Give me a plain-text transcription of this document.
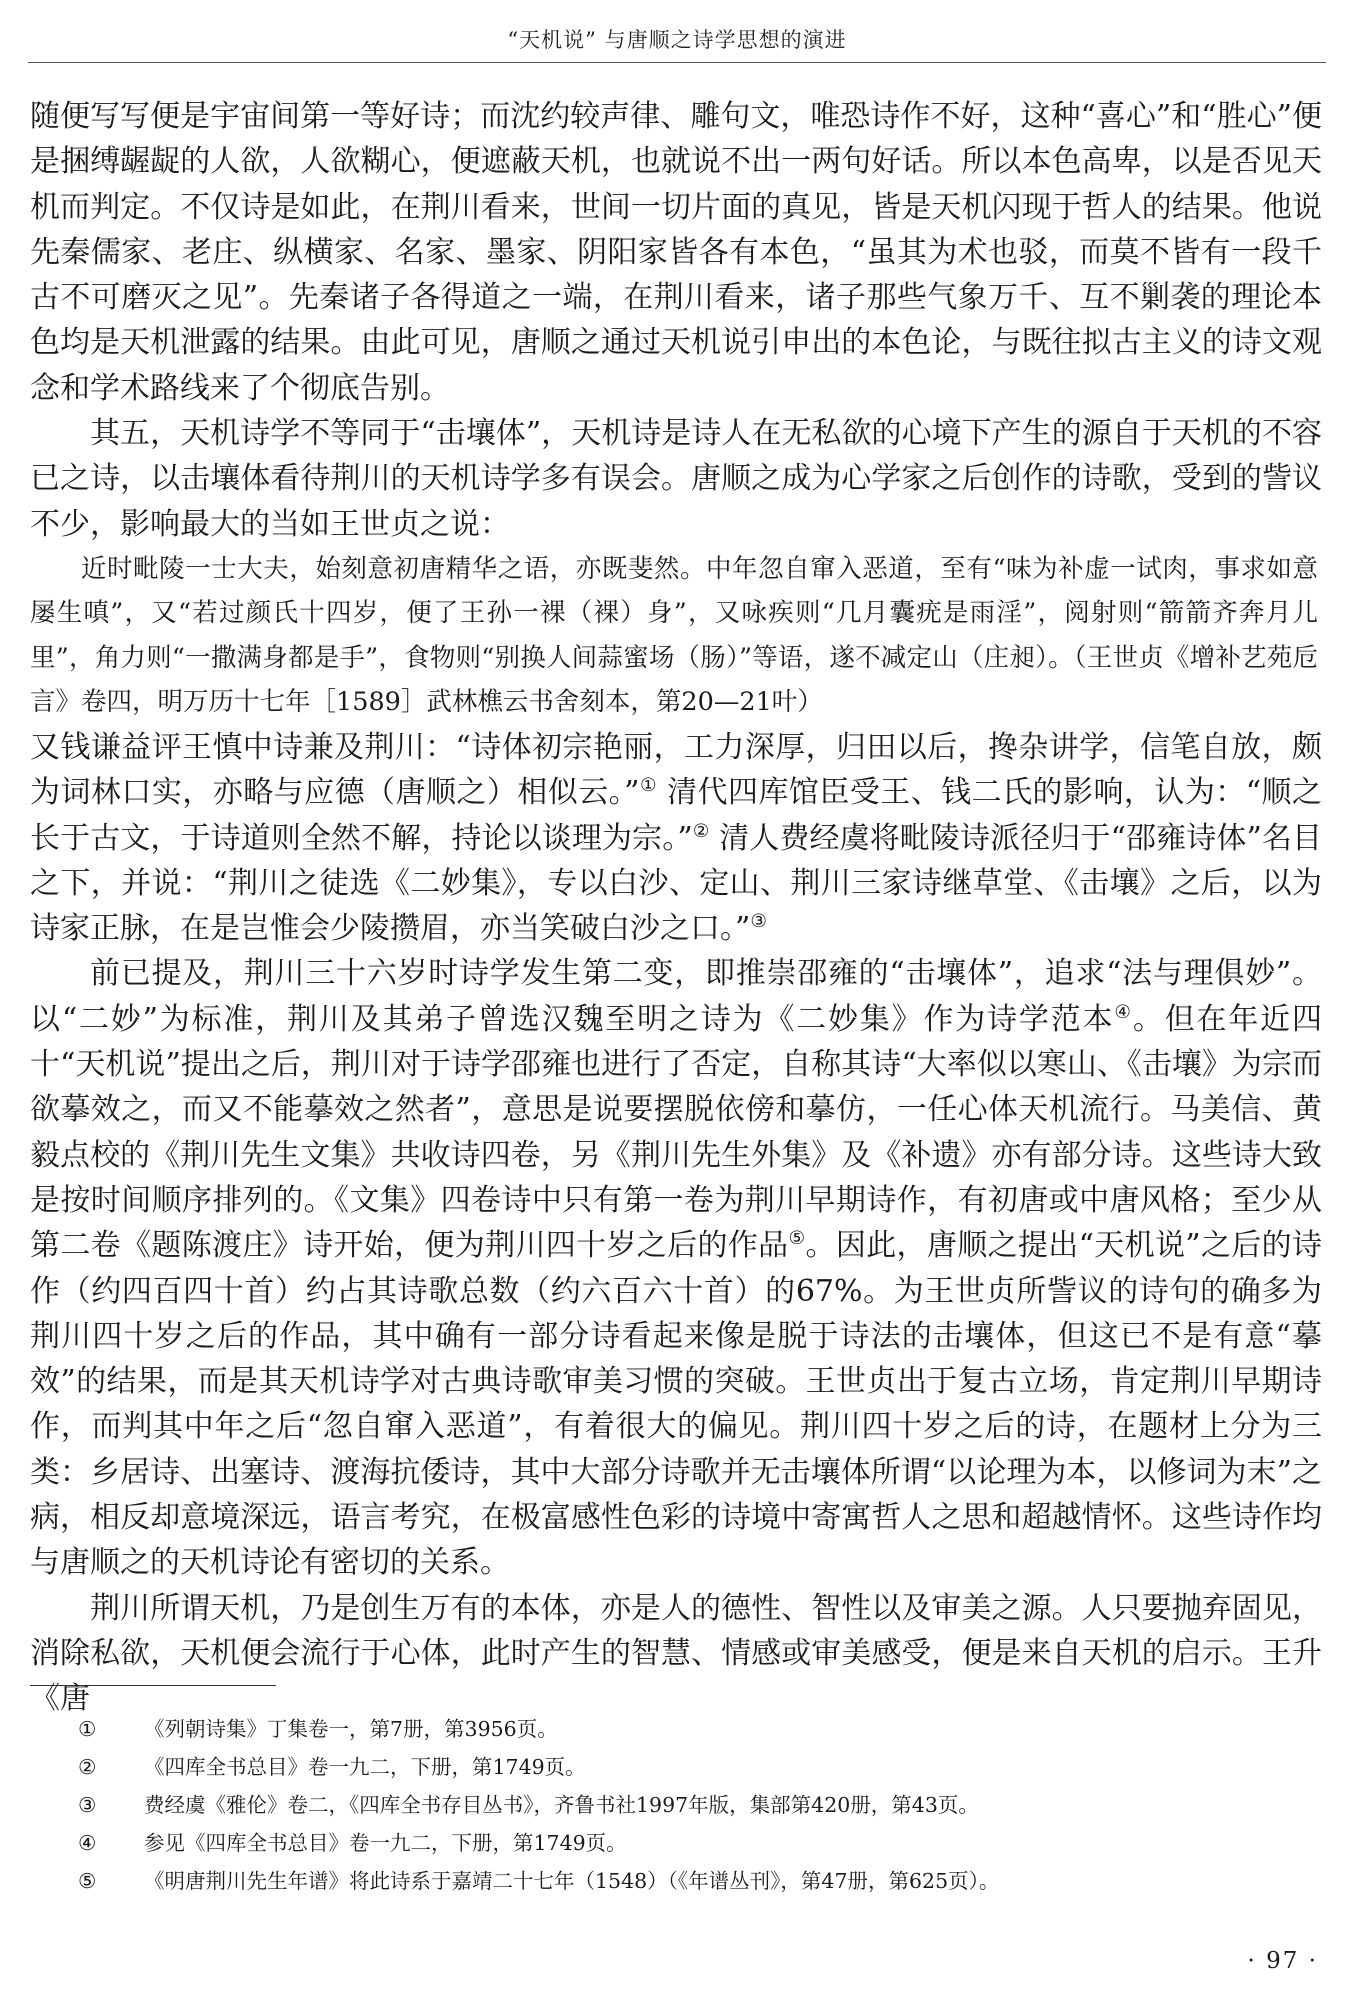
“天机说” 与唐顺之诗学思想的演进

随便写写便是宇宙间第一等好诗；而沈约较声律、雕句文，唯恐诗作不好，这种“喜心”和“胜心”便是捆缚龌龊的人欲，人欲糊心，便遮蔽天机，也就说不出一两句好话。所以本色高卑，以是否见天机而判定。不仅诗是如此，在荆川看来，世间一切片面的真见，皆是天机闪现于哲人的结果。他说先秦儒家、老庄、纵横家、名家、墨家、阴阳家皆各有本色，“虽其为术也驳，而莫不皆有一段千古不可磨灭之见”。先秦诸子各得道之一端，在荆川看来，诸子那些气象万千、互不剿袭的理论本色均是天机泄露的结果。由此可见，唐顺之通过天机说引申出的本色论，与既往拟古主义的诗文观念和学术路线来了个彻底告别。

其五，天机诗学不等同于“击壤体”，天机诗是诗人在无私欲的心境下产生的源自于天机的不容已之诗，以击壤体看待荆川的天机诗学多有误会。唐顺之成为心学家之后创作的诗歌，受到的訾议不少，影响最大的当如王世贞之说：

近时毗陵一士大夫，始刻意初唐精华之语，亦既斐然。中年忽自窜入恶道，至有“味为补虚一试肉，事求如意屡生嗔”，又“若过颜氏十四岁，便了王孙一裸（裸）身”，又咏疾则“几月囊疣是雨淫”，阅射则“箭箭齐奔月儿里”，角力则“一撒满身都是手”，食物则“别换人间蒜蜜场（肠）”等语，遂不减定山（庄昶）。（王世贞《增补艺苑卮言》卷四，明万历十七年［1589］武林樵云书舍刻本，第20—21叶）

又钱谦益评王慎中诗兼及荆川：“诗体初宗艳丽，工力深厚，归田以后，搀杂讲学，信笔自放，颇为词林口实，亦略与应德（唐顺之）相似云。”① 清代四库馆臣受王、钱二氏的影响，认为：“顺之长于古文，于诗道则全然不解，持论以谈理为宗。”② 清人费经虞将毗陵诗派径归于“邵雍诗体”名目之下，并说：“荆川之徒选《二妙集》，专以白沙、定山、荆川三家诗继草堂、《击壤》之后，以为诗家正脉，在是岂惟会少陵攒眉，亦当笑破白沙之口。”③

前已提及，荆川三十六岁时诗学发生第二变，即推崇邵雍的“击壤体”，追求“法与理俱妙”。以“二妙”为标准，荆川及其弟子曾选汉魏至明之诗为《二妙集》作为诗学范本④。但在年近四十“天机说”提出之后，荆川对于诗学邵雍也进行了否定，自称其诗“大率似以寒山、《击壤》为宗而欲摹效之，而又不能摹效之然者”，意思是说要摆脱依傍和摹仿，一任心体天机流行。马美信、黄毅点校的《荆川先生文集》共收诗四卷，另《荆川先生外集》及《补遗》亦有部分诗。这些诗大致是按时间顺序排列的。《文集》四卷诗中只有第一卷为荆川早期诗作，有初唐或中唐风格；至少从第二卷《题陈渡庄》诗开始，便为荆川四十岁之后的作品⑤。因此，唐顺之提出“天机说”之后的诗作（约四百四十首）约占其诗歌总数（约六百六十首）的67%。为王世贞所訾议的诗句的确多为荆川四十岁之后的作品，其中确有一部分诗看起来像是脱于诗法的击壤体，但这已不是有意“摹效”的结果，而是其天机诗学对古典诗歌审美习惯的突破。王世贞出于复古立场，肯定荆川早期诗作，而判其中年之后“忽自窜入恶道”，有着很大的偏见。荆川四十岁之后的诗，在题材上分为三类：乡居诗、出塞诗、渡海抗倭诗，其中大部分诗歌并无击壤体所谓“以论理为本，以修词为末”之病，相反却意境深远，语言考究，在极富感性色彩的诗境中寄寓哲人之思和超越情怀。这些诗作均与唐顺之的天机诗论有密切的关系。

荆川所谓天机，乃是创生万有的本体，亦是人的德性、智性以及审美之源。人只要抛弃固见，消除私欲，天机便会流行于心体，此时产生的智慧、情感或审美感受，便是来自天机的启示。王升《唐

①	《列朝诗集》丁集卷一，第7册，第3956页。
②	《四库全书总目》卷一九二，下册，第1749页。
③	费经虞《雅伦》卷二，《四库全书存目丛书》，齐鲁书社1997年版，集部第420册，第43页。
④	参见《四库全书总目》卷一九二，下册，第1749页。
⑤	《明唐荆川先生年谱》将此诗系于嘉靖二十七年（1548）（《年谱丛刊》，第47册，第625页）。
· 97 ·
